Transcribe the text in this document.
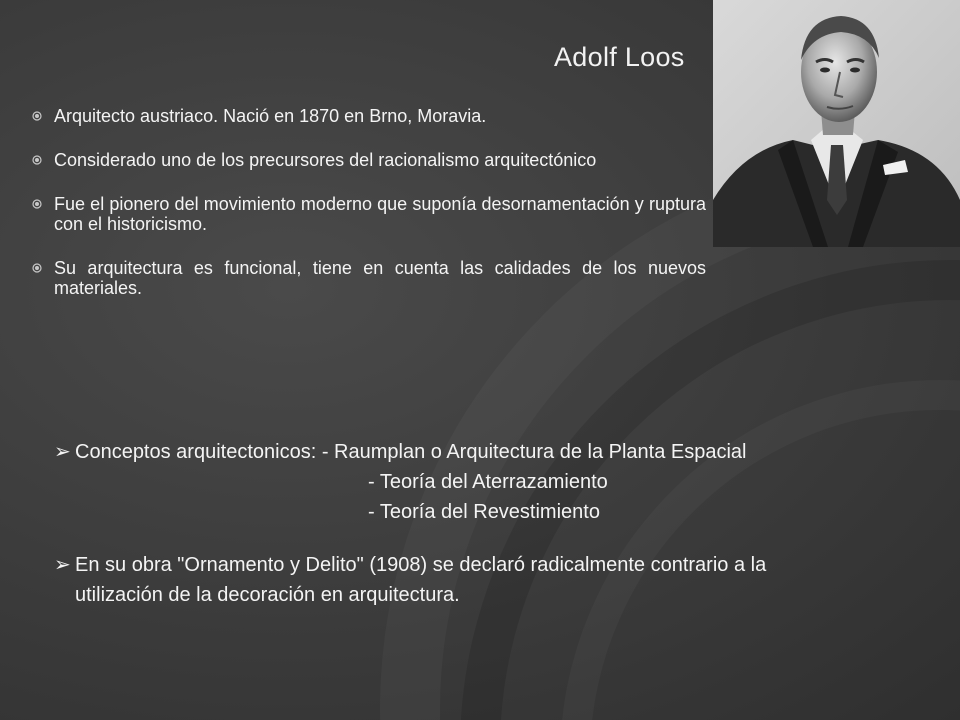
Adolf Loos
Arquitecto austriaco. Nació en 1870 en Brno, Moravia.
Considerado uno de los precursores del racionalismo arquitectónico
Fue el pionero del movimiento moderno que suponía desornamentación y ruptura con el historicismo.
Su arquitectura es funcional, tiene en cuenta las calidades de los nuevos materiales.
➢ Conceptos arquitectonicos: - Raumplan o Arquitectura de la Planta Espacial
- Teoría del Aterrazamiento
- Teoría del Revestimiento
➢ En su obra "Ornamento y Delito" (1908) se declaró radicalmente contrario a la
utilización de la decoración en arquitectura.
